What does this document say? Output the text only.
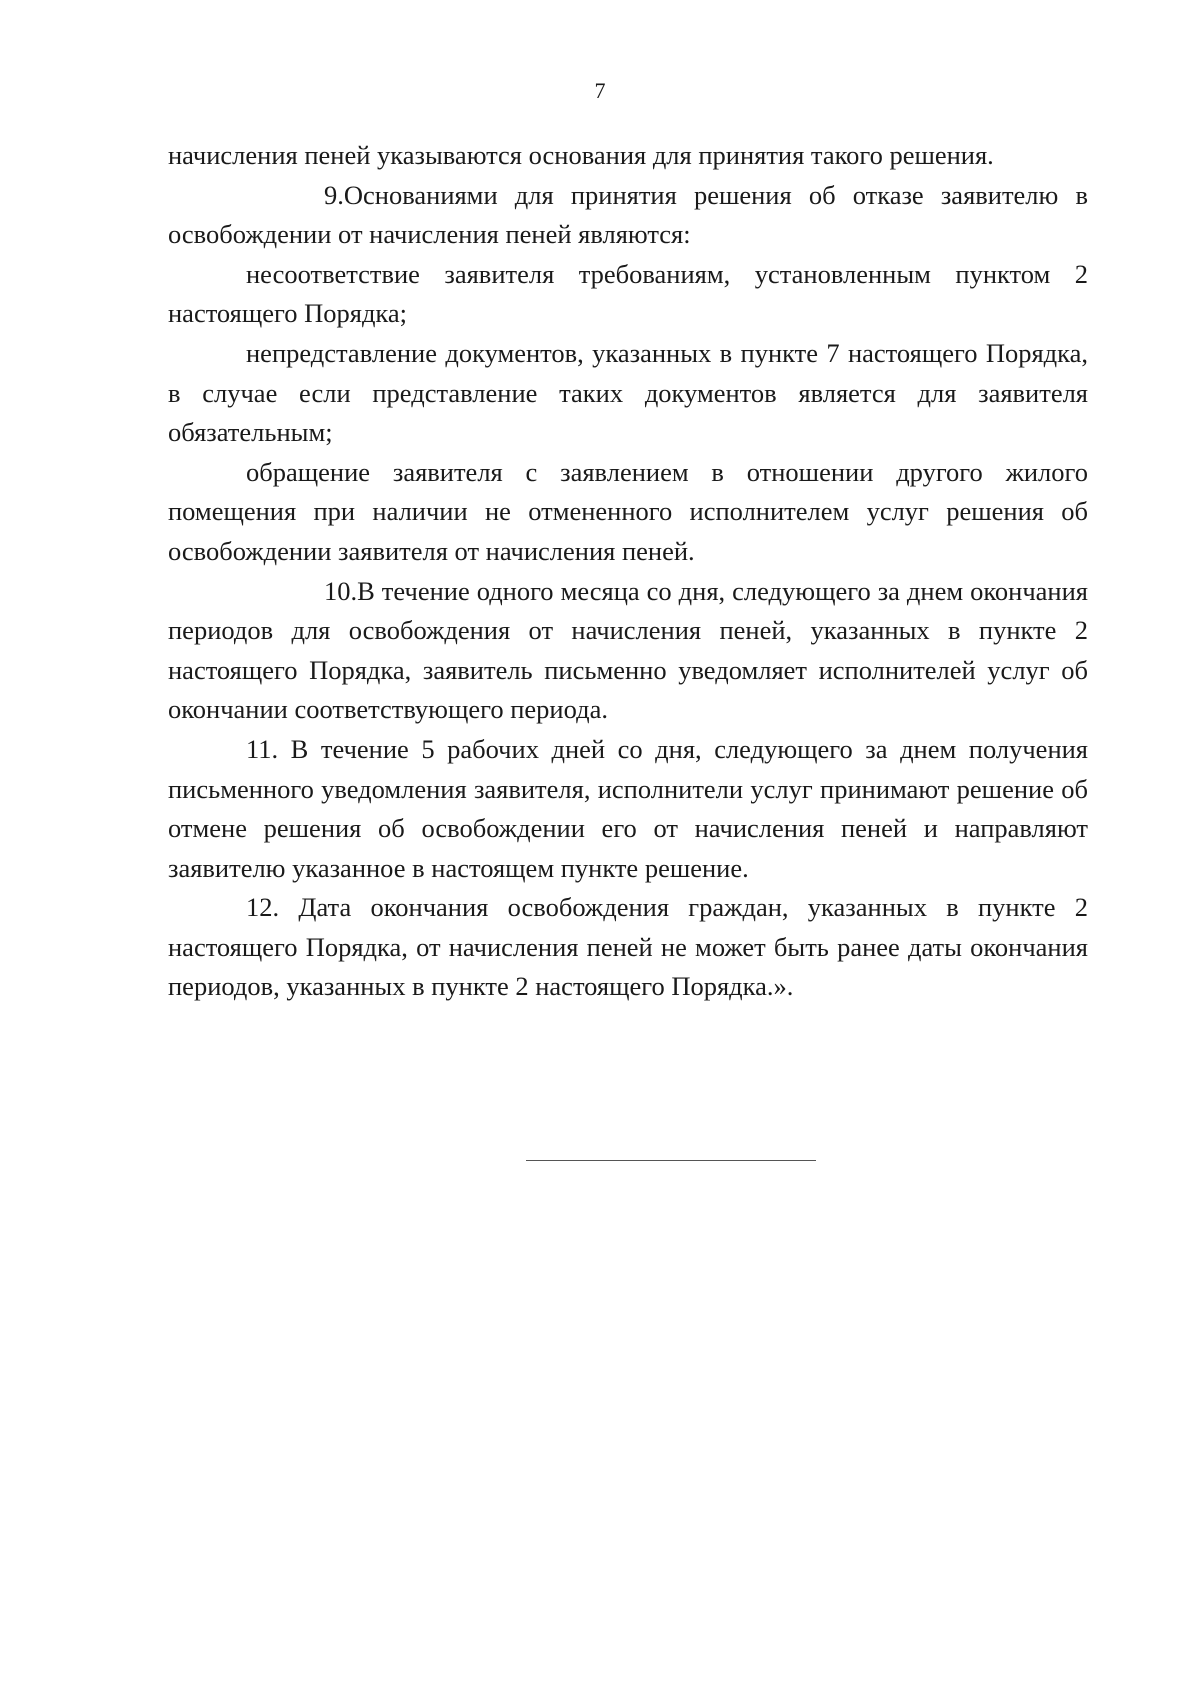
7

начисления пеней указываются основания для принятия такого решения.

9.Основаниями для принятия решения об отказе заявителю в освобождении от начисления пеней являются:

несоответствие заявителя требованиям, установленным пунктом 2 настоящего Порядка;

непредставление документов, указанных в пункте 7 настоящего Порядка, в случае если представление таких документов является для заявителя обязательным;

обращение заявителя с заявлением в отношении другого жилого помещения при наличии не отмененного исполнителем услуг решения об освобождении заявителя от начисления пеней.

10.В течение одного месяца со дня, следующего за днем окончания периодов для освобождения от начисления пеней, указанных в пункте 2 настоящего Порядка, заявитель письменно уведомляет исполнителей услуг об окончании соответствующего периода.

11. В течение 5 рабочих дней со дня, следующего за днем получения письменного уведомления заявителя, исполнители услуг принимают решение об отмене решения об освобождении его от начисления пеней и направляют заявителю указанное в настоящем пункте решение.

12. Дата окончания освобождения граждан, указанных в пункте 2 настоящего Порядка, от начисления пеней не может быть ранее даты окончания периодов, указанных в пункте 2 настоящего Порядка.».
